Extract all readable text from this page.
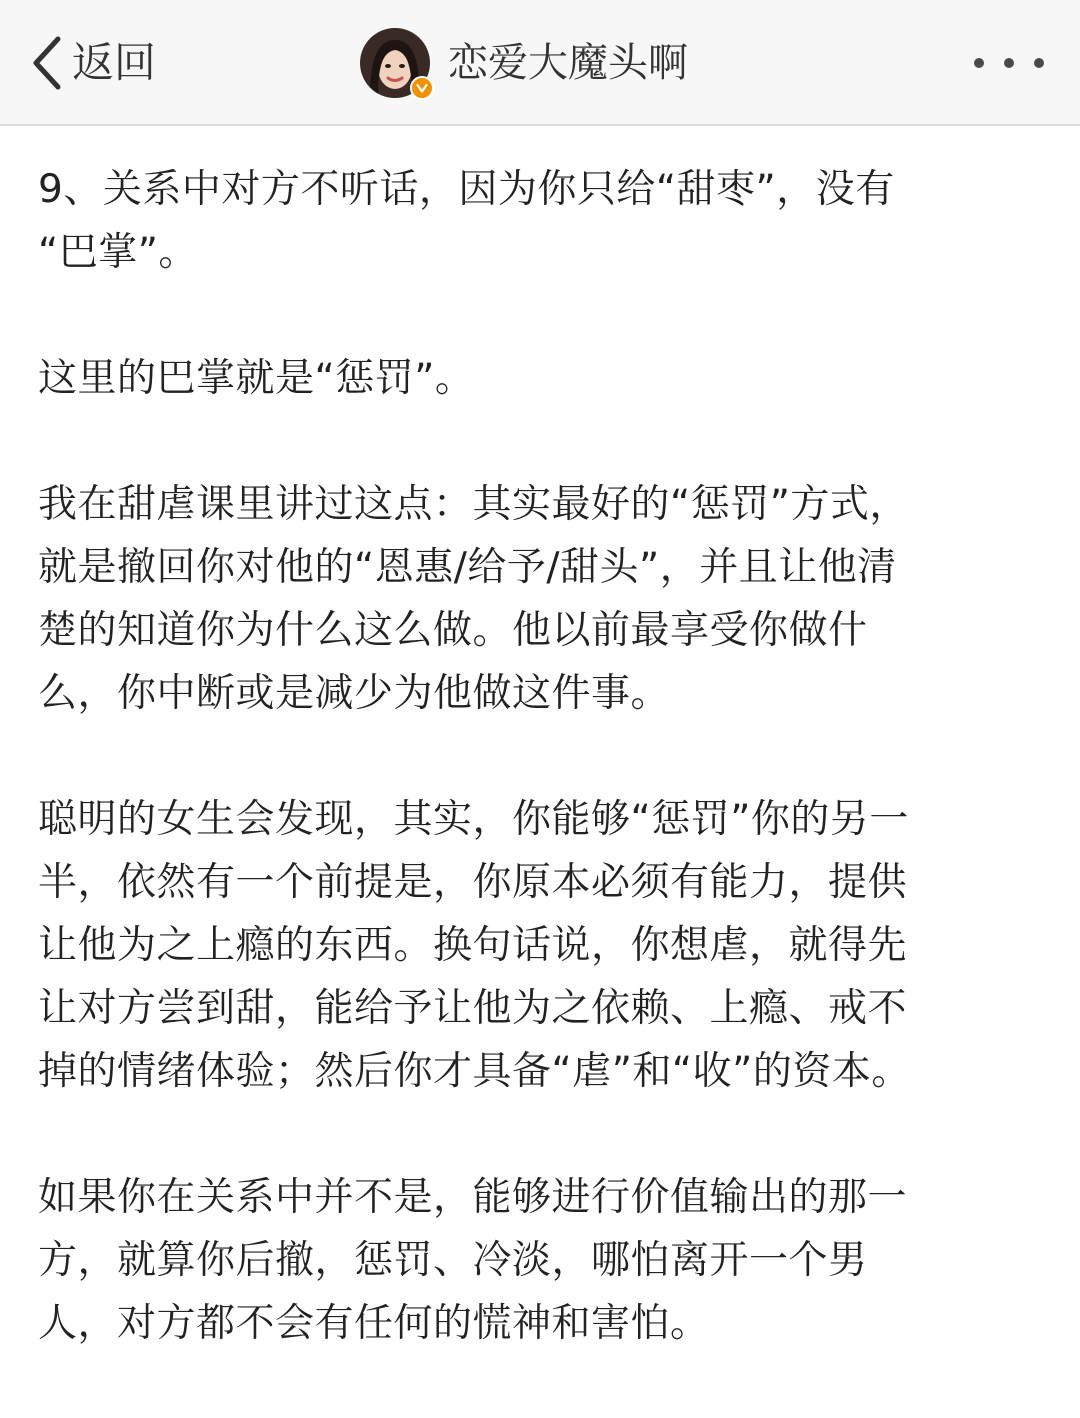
返回	恋爱大魔头啊

9、关系中对方不听话，因为你只给“甜枣”，没有
“巴掌”。

这里的巴掌就是“惩罚”。

我在甜虐课里讲过这点：其实最好的“惩罚”方式，
就是撤回你对他的“恩惠/给予/甜头”，并且让他清
楚的知道你为什么这么做。他以前最享受你做什
么，你中断或是减少为他做这件事。

聪明的女生会发现，其实，你能够“惩罚”你的另一
半，依然有一个前提是，你原本必须有能力，提供
让他为之上瘾的东西。换句话说，你想虐，就得先
让对方尝到甜，能给予让他为之依赖、上瘾、戒不
掉的情绪体验；然后你才具备“虐”和“收”的资本。

如果你在关系中并不是，能够进行价值输出的那一
方，就算你后撤，惩罚、冷淡，哪怕离开一个男
人，对方都不会有任何的慌神和害怕。
